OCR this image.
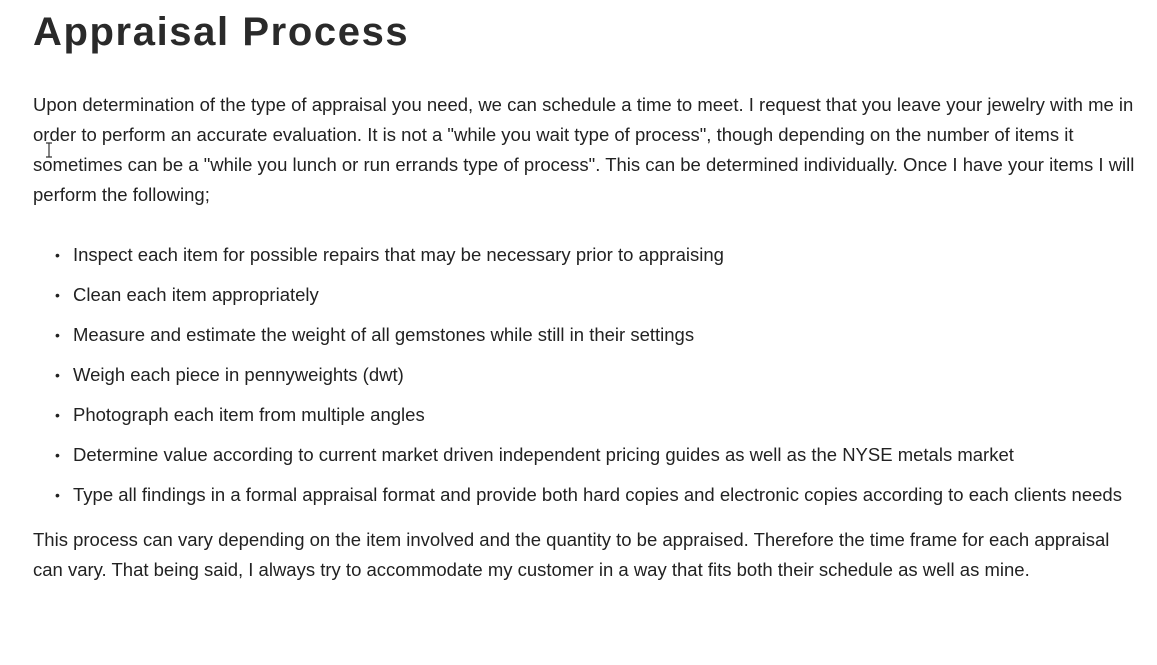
Appraisal Process

Upon determination of the type of appraisal you need, we can schedule a time to meet. I request that you leave your jewelry with me in order to perform an accurate evaluation. It is not a "while you wait type of process", though depending on the number of items it sometimes can be a "while you lunch or run errands type of process". This can be determined individually. Once I have your items I will perform the following;

• Inspect each item for possible repairs that may be necessary prior to appraising
• Clean each item appropriately
• Measure and estimate the weight of all gemstones while still in their settings
• Weigh each piece in pennyweights (dwt)
• Photograph each item from multiple angles
• Determine value according to current market driven independent pricing guides as well as the NYSE metals market
• Type all findings in a formal appraisal format and provide both hard copies and electronic copies according to each clients needs

This process can vary depending on the item involved and the quantity to be appraised. Therefore the time frame for each appraisal can vary. That being said, I always try to accommodate my customer in a way that fits both their schedule as well as mine.
